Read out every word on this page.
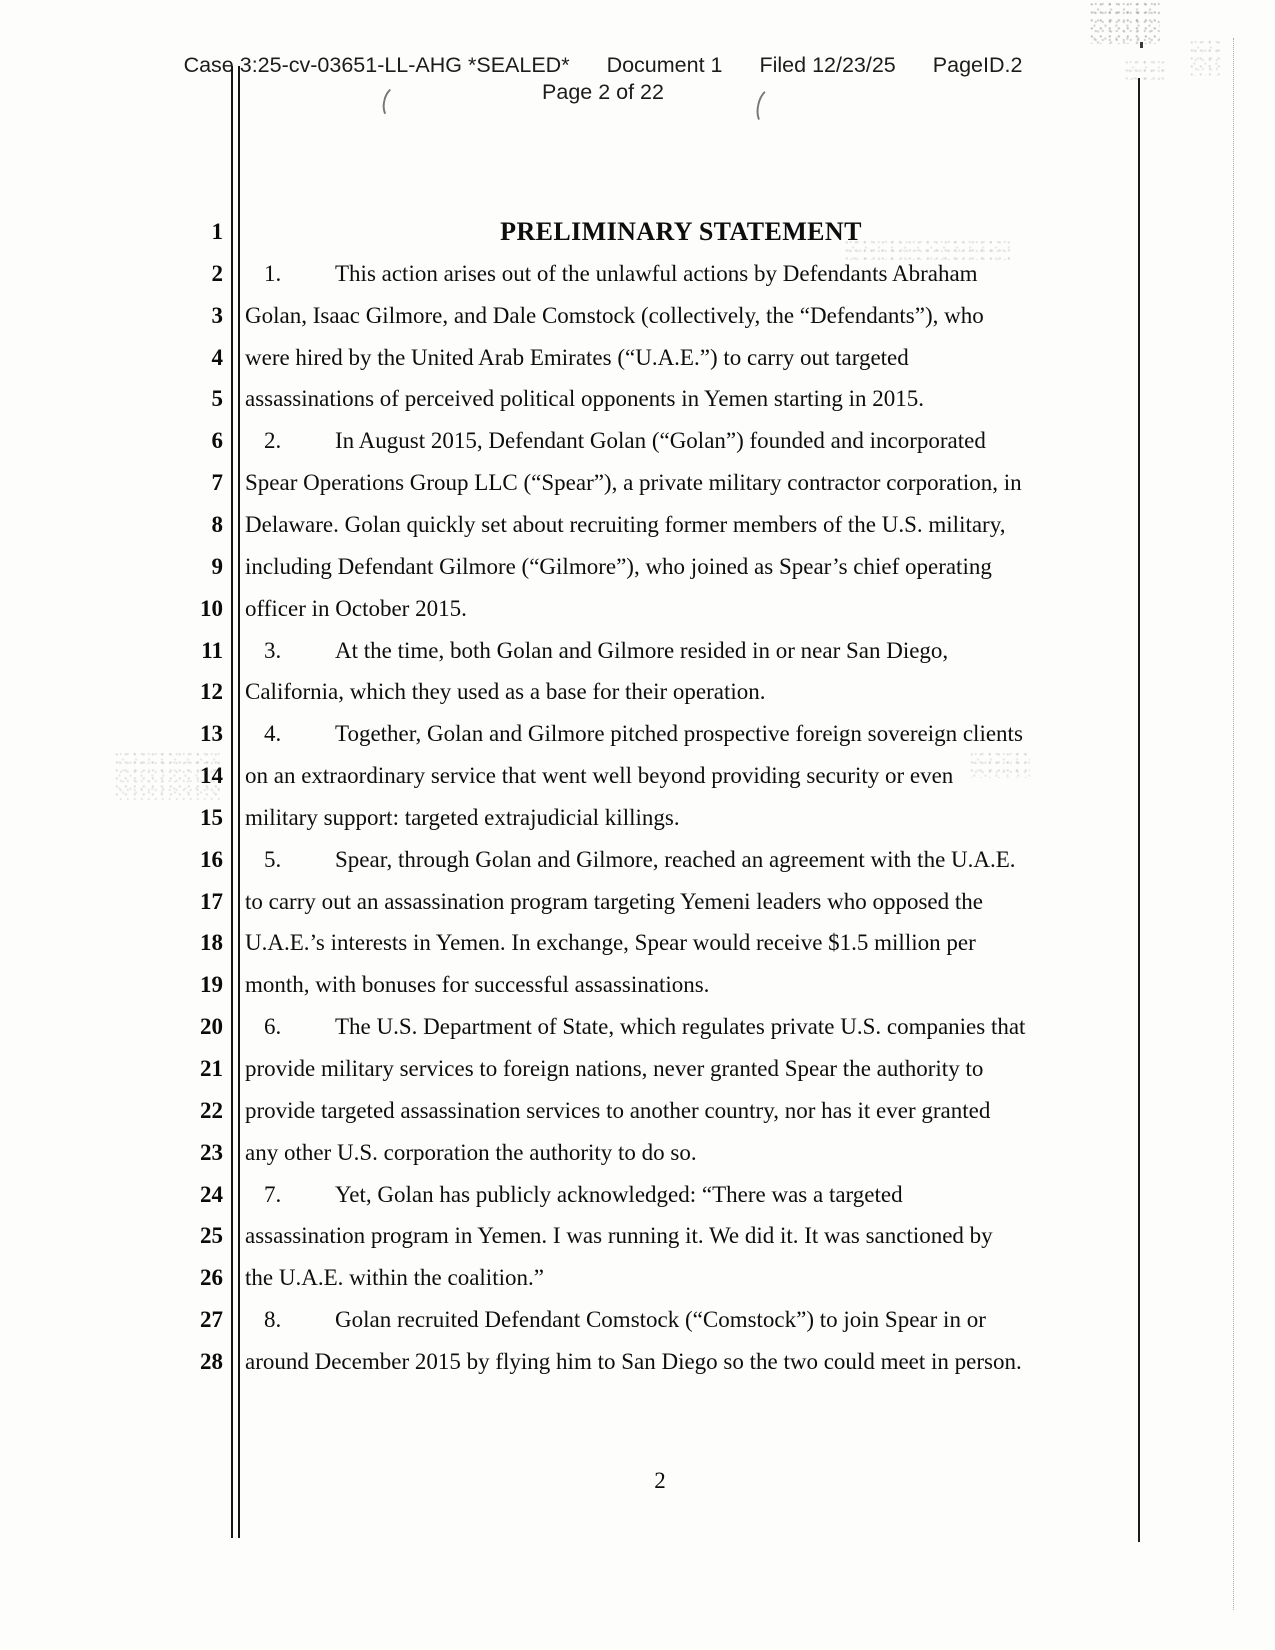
Case 3:25-cv-03651-LL-AHG *SEALED* Document 1 Filed 12/23/25 PageID.2
Page 2 of 22
1	PRELIMINARY STATEMENT
2	1. This action arises out of the unlawful actions by Defendants Abraham
3 Golan, Isaac Gilmore, and Dale Comstock (collectively, the “Defendants”), who
4 were hired by the United Arab Emirates (“U.A.E.”) to carry out targeted
5 assassinations of perceived political opponents in Yemen starting in 2015.
6	2. In August 2015, Defendant Golan (“Golan”) founded and incorporated
7 Spear Operations Group LLC (“Spear”), a private military contractor corporation, in
8 Delaware. Golan quickly set about recruiting former members of the U.S. military,
9 including Defendant Gilmore (“Gilmore”), who joined as Spear’s chief operating
10 officer in October 2015.
11	3. At the time, both Golan and Gilmore resided in or near San Diego,
12 California, which they used as a base for their operation.
13	4. Together, Golan and Gilmore pitched prospective foreign sovereign clients
14 on an extraordinary service that went well beyond providing security or even
15 military support: targeted extrajudicial killings.
16	5. Spear, through Golan and Gilmore, reached an agreement with the U.A.E.
17 to carry out an assassination program targeting Yemeni leaders who opposed the
18 U.A.E.’s interests in Yemen. In exchange, Spear would receive $1.5 million per
19 month, with bonuses for successful assassinations.
20	6. The U.S. Department of State, which regulates private U.S. companies that
21 provide military services to foreign nations, never granted Spear the authority to
22 provide targeted assassination services to another country, nor has it ever granted
23 any other U.S. corporation the authority to do so.
24	7. Yet, Golan has publicly acknowledged: “There was a targeted
25 assassination program in Yemen. I was running it. We did it. It was sanctioned by
26 the U.A.E. within the coalition.”
27	8. Golan recruited Defendant Comstock (“Comstock”) to join Spear in or
28 around December 2015 by flying him to San Diego so the two could meet in person.
2
